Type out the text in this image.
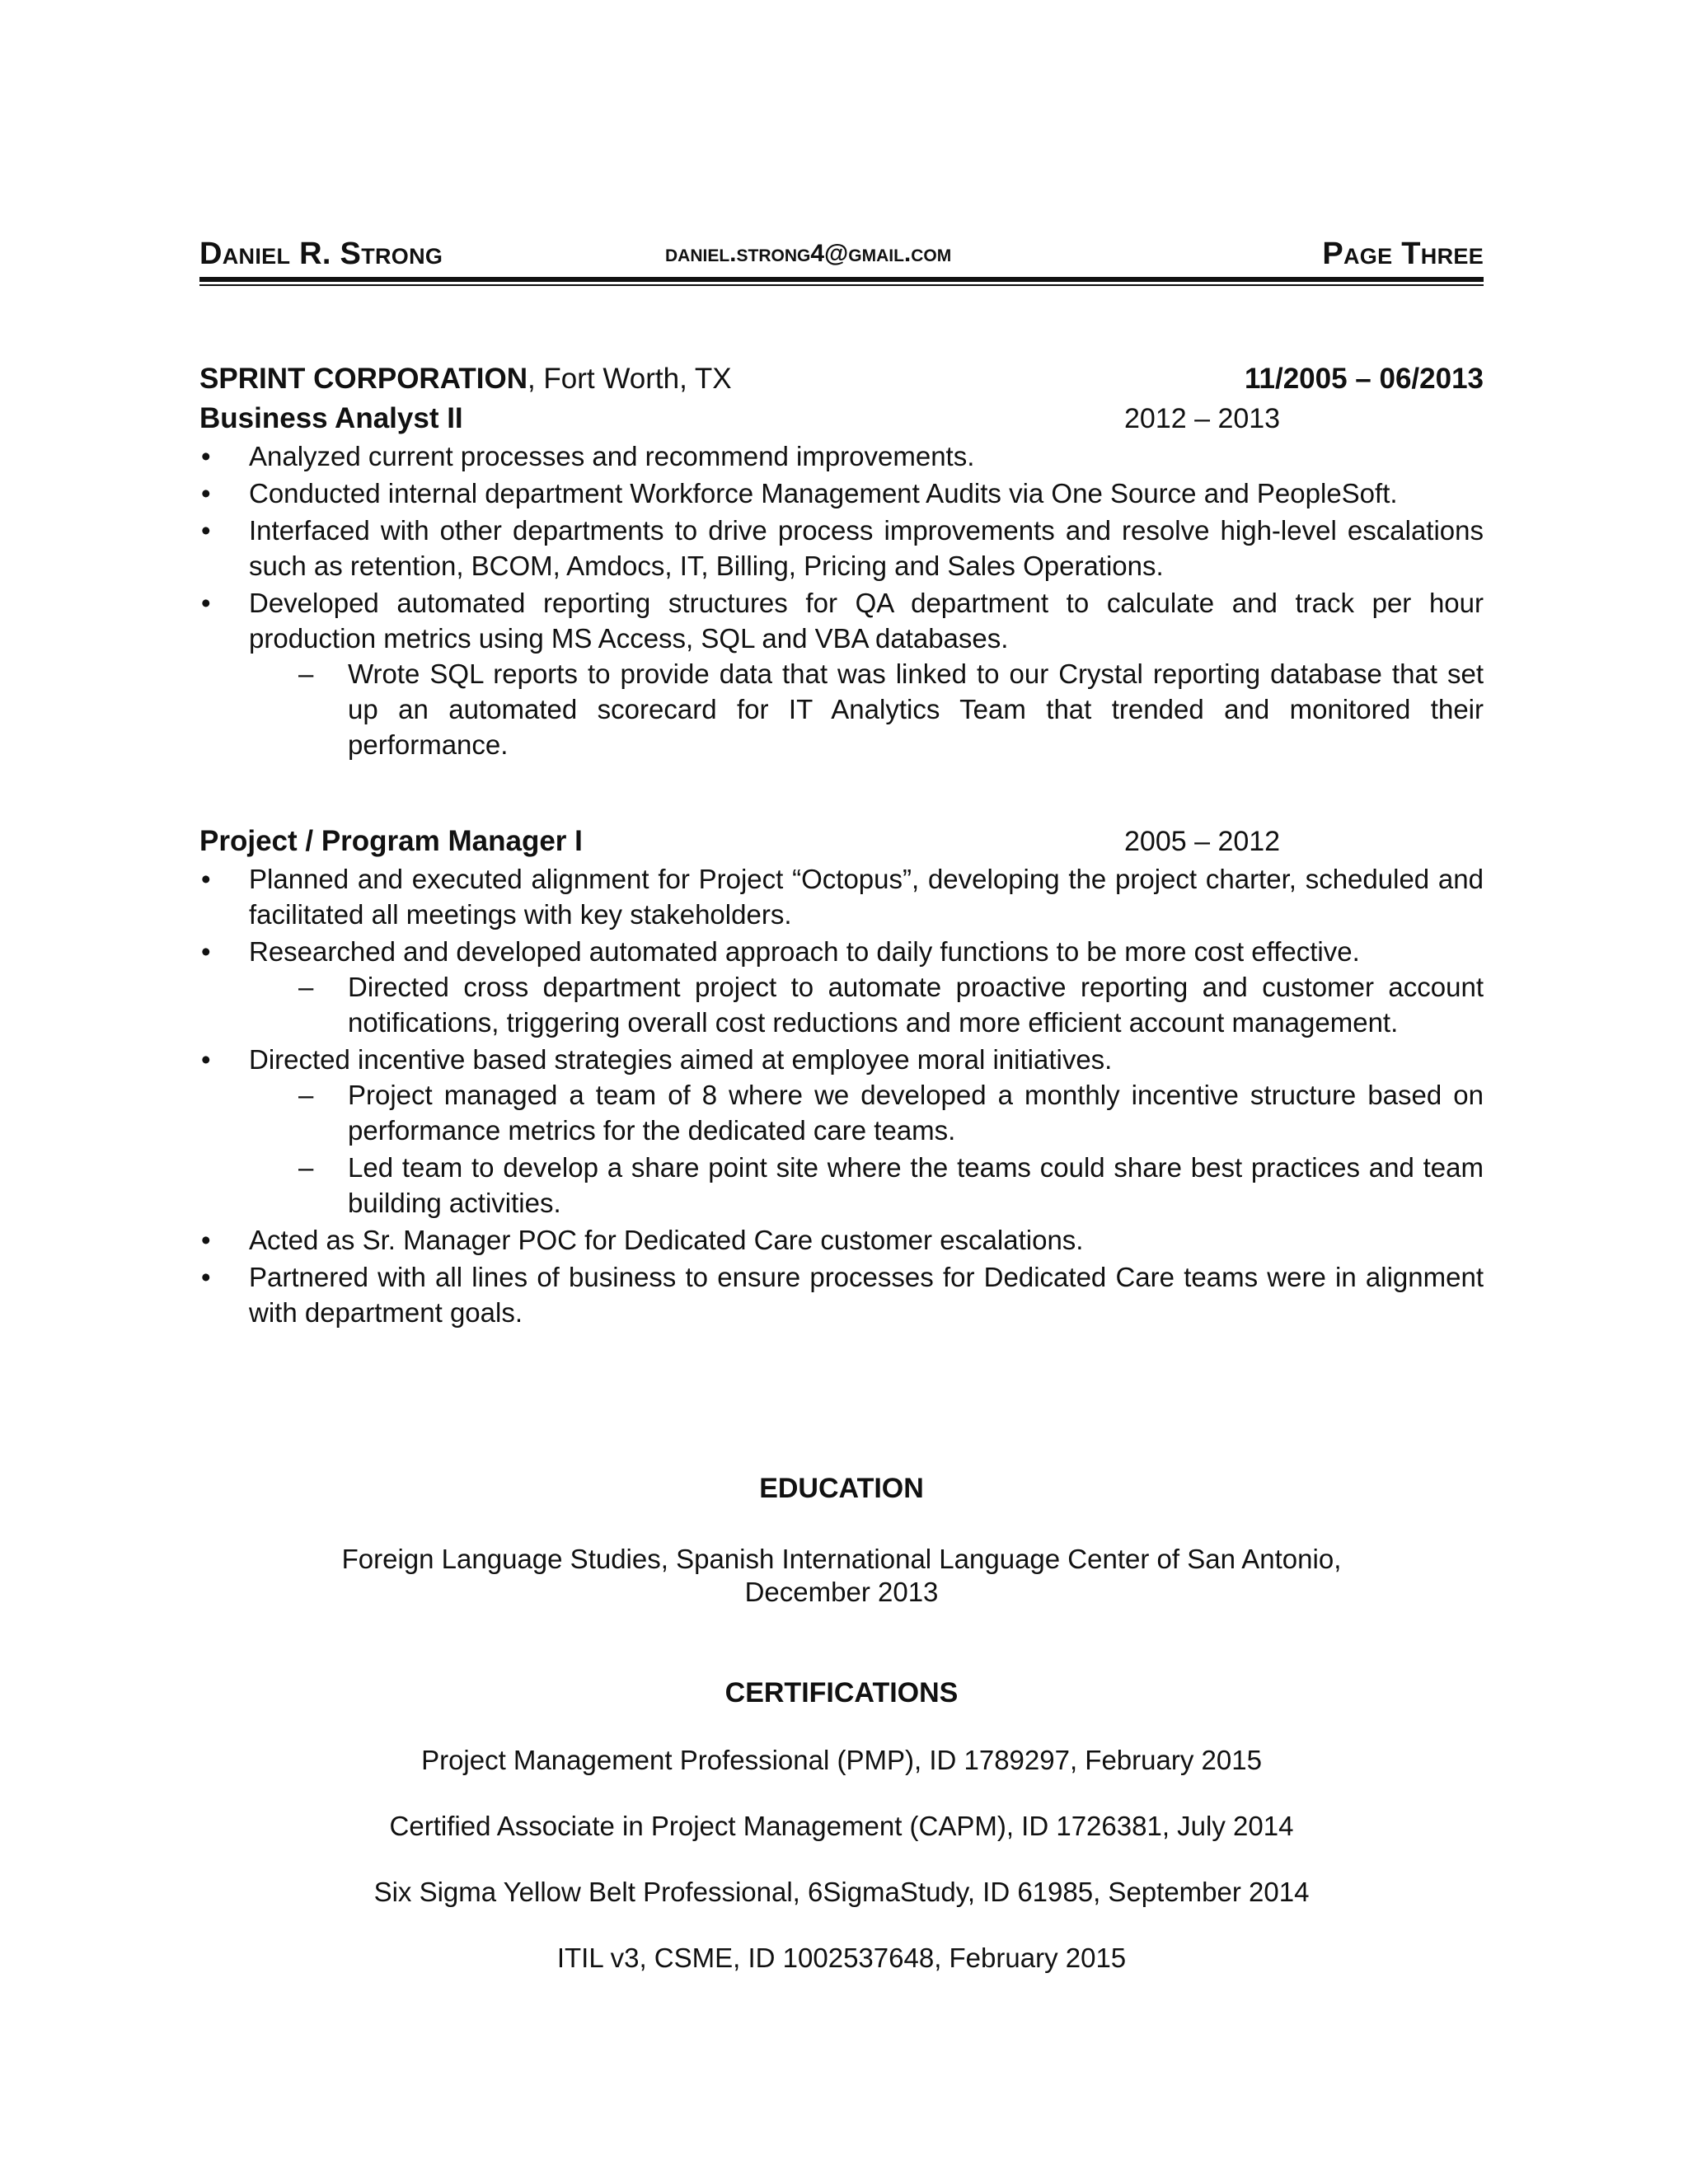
Daniel R. Strong	daniel.strong4@gmail.com	Page Three
SPRINT CORPORATION, Fort Worth, TX	11/2005 – 06/2013
Business Analyst II	2012 – 2013
• Analyzed current processes and recommend improvements.
• Conducted internal department Workforce Management Audits via One Source and PeopleSoft.
• Interfaced with other departments to drive process improvements and resolve high-level escalations such as retention, BCOM, Amdocs, IT, Billing, Pricing and Sales Operations.
• Developed automated reporting structures for QA department to calculate and track per hour production metrics using MS Access, SQL and VBA databases.
– Wrote SQL reports to provide data that was linked to our Crystal reporting database that set up an automated scorecard for IT Analytics Team that trended and monitored their performance.
Project / Program Manager I	2005 – 2012
• Planned and executed alignment for Project “Octopus”, developing the project charter, scheduled and facilitated all meetings with key stakeholders.
• Researched and developed automated approach to daily functions to be more cost effective.
– Directed cross department project to automate proactive reporting and customer account notifications, triggering overall cost reductions and more efficient account management.
• Directed incentive based strategies aimed at employee moral initiatives.
– Project managed a team of 8 where we developed a monthly incentive structure based on performance metrics for the dedicated care teams.
– Led team to develop a share point site where the teams could share best practices and team building activities.
• Acted as Sr. Manager POC for Dedicated Care customer escalations.
• Partnered with all lines of business to ensure processes for Dedicated Care teams were in alignment with department goals.
EDUCATION
Foreign Language Studies, Spanish International Language Center of San Antonio,
December 2013
CERTIFICATIONS
Project Management Professional (PMP), ID 1789297, February 2015
Certified Associate in Project Management (CAPM), ID 1726381, July 2014
Six Sigma Yellow Belt Professional, 6SigmaStudy, ID 61985, September 2014
ITIL v3, CSME, ID 1002537648, February 2015
